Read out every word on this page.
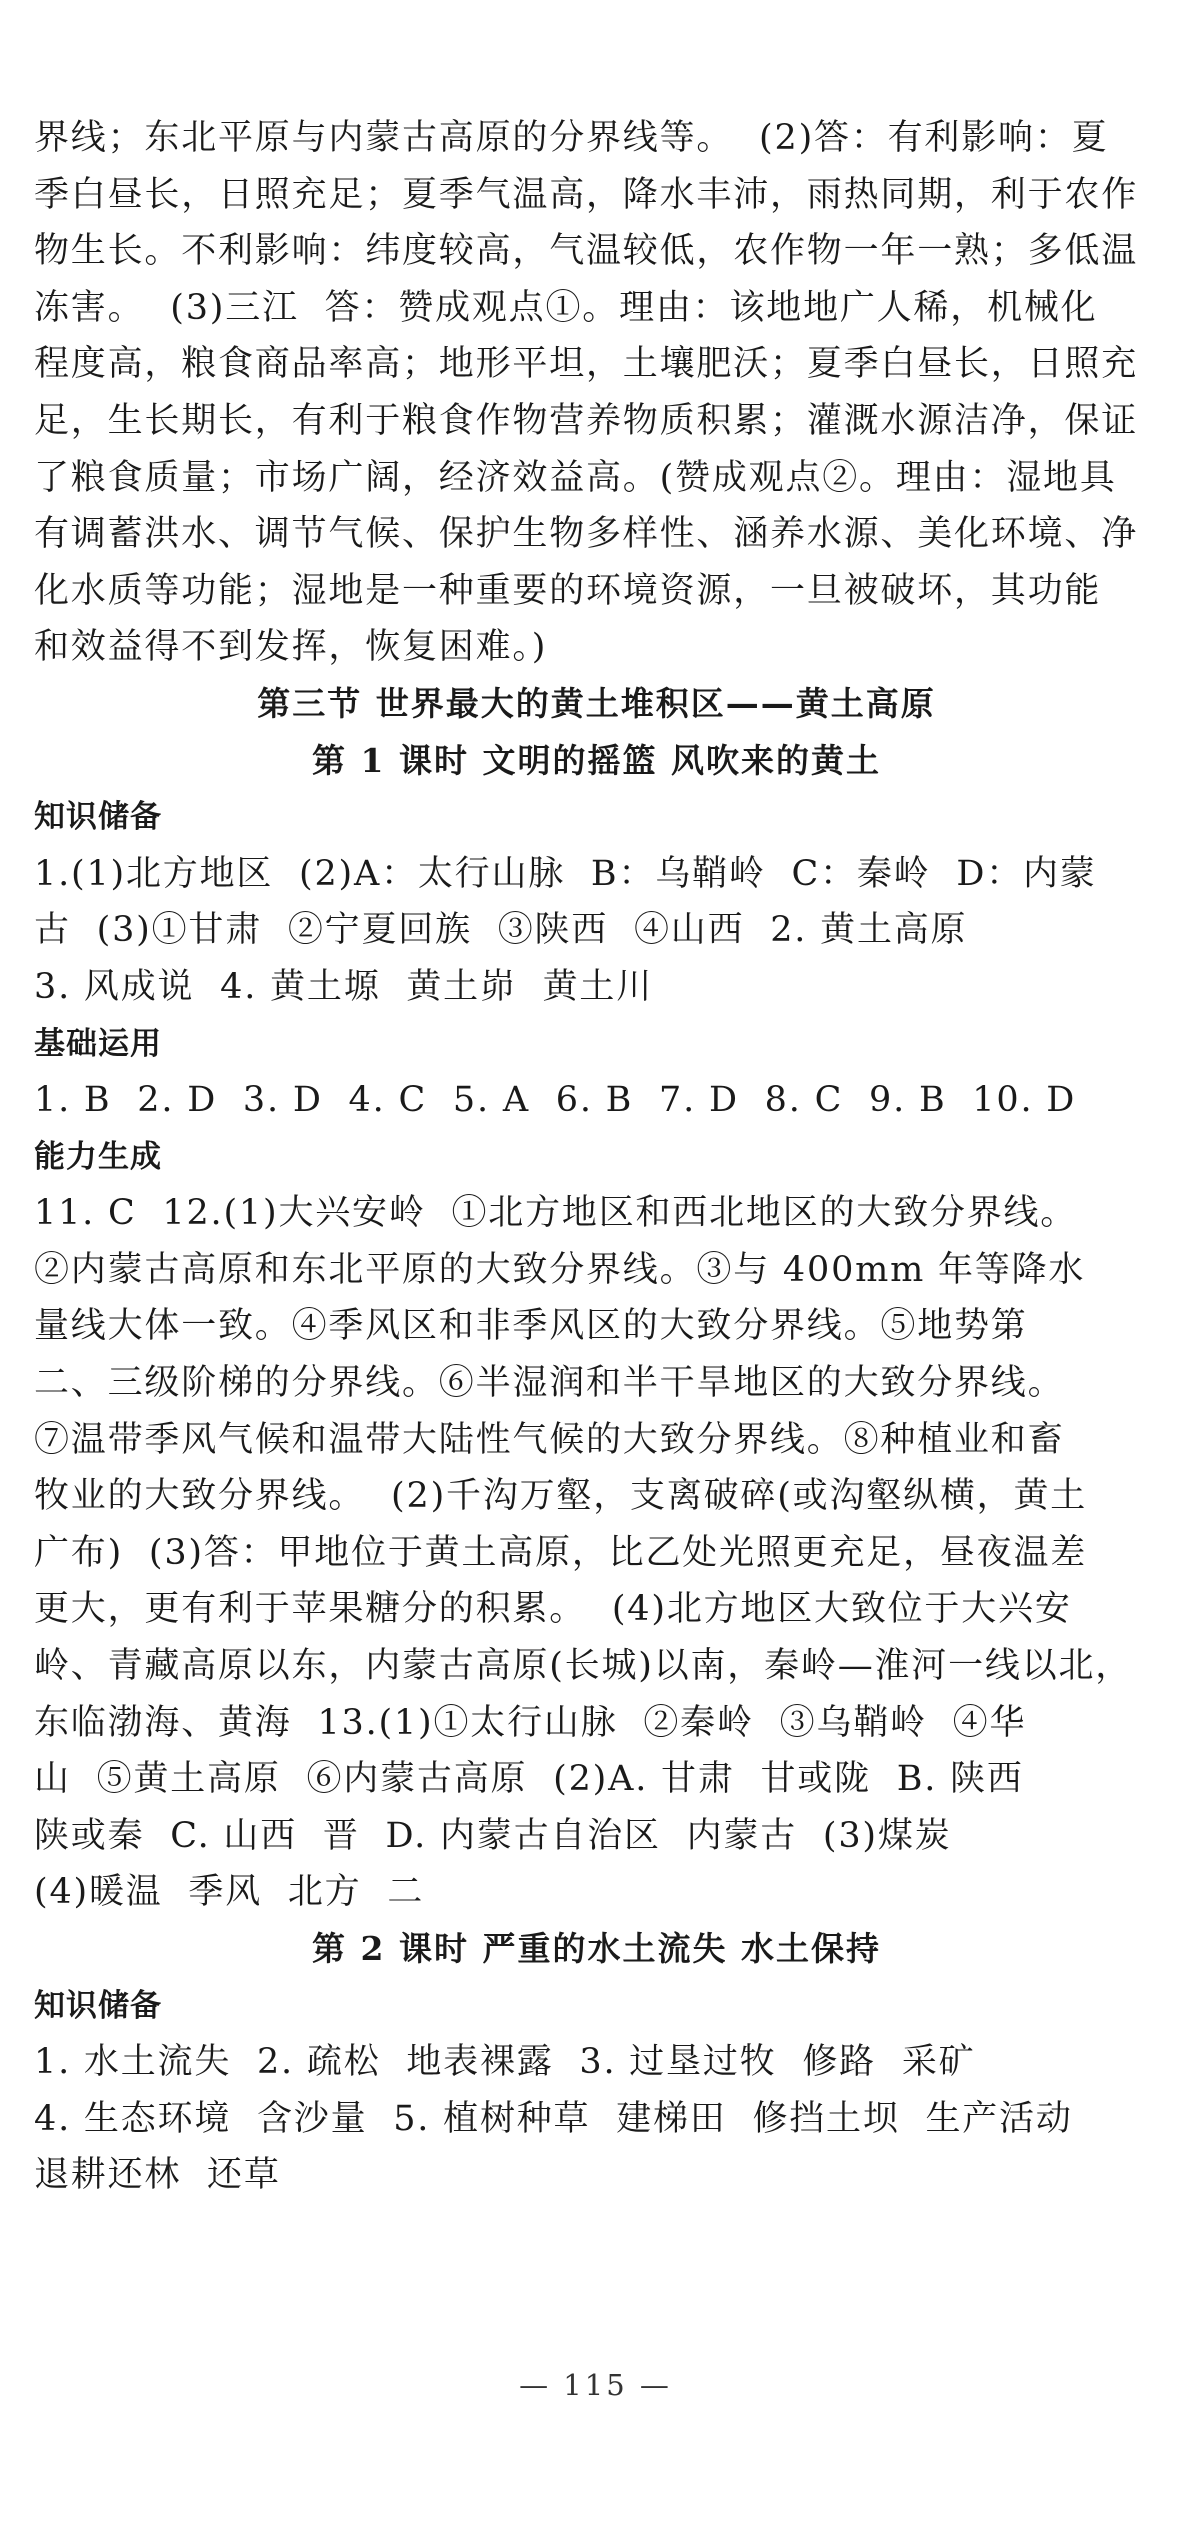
界线；东北平原与内蒙古高原的分界线等。  (2)答：有利影响：夏

季白昼长，日照充足；夏季气温高，降水丰沛，雨热同期，利于农作

物生长。不利影响：纬度较高，气温较低，农作物一年一熟；多低温

冻害。  (3)三江  答：赞成观点①。理由：该地地广人稀，机械化

程度高，粮食商品率高；地形平坦，土壤肥沃；夏季白昼长，日照充

足，生长期长，有利于粮食作物营养物质积累；灌溉水源洁净，保证

了粮食质量；市场广阔，经济效益高。(赞成观点②。理由：湿地具

有调蓄洪水、调节气候、保护生物多样性、涵养水源、美化环境、净

化水质等功能；湿地是一种重要的环境资源，一旦被破坏，其功能

和效益得不到发挥，恢复困难。)

第三节 世界最大的黄土堆积区——黄土高原
第 1 课时 文明的摇篮 风吹来的黄土
知识储备

1.(1)北方地区  (2)A：太行山脉  B：乌鞘岭  C：秦岭  D：内蒙

古  (3)①甘肃  ②宁夏回族  ③陕西  ④山西  2. 黄土高原

3. 风成说  4. 黄土塬  黄土峁  黄土川

基础运用

1. B  2. D  3. D  4. C  5. A  6. B  7. D  8. C  9. B  10. D

能力生成

11. C  12.(1)大兴安岭  ①北方地区和西北地区的大致分界线。

②内蒙古高原和东北平原的大致分界线。③与 400mm 年等降水

量线大体一致。④季风区和非季风区的大致分界线。⑤地势第

二、三级阶梯的分界线。⑥半湿润和半干旱地区的大致分界线。

⑦温带季风气候和温带大陆性气候的大致分界线。⑧种植业和畜

牧业的大致分界线。  (2)千沟万壑，支离破碎(或沟壑纵横，黄土

广布)  (3)答：甲地位于黄土高原，比乙处光照更充足，昼夜温差

更大，更有利于苹果糖分的积累。  (4)北方地区大致位于大兴安

岭、青藏高原以东，内蒙古高原(长城)以南，秦岭—淮河一线以北，

东临渤海、黄海  13.(1)①太行山脉  ②秦岭  ③乌鞘岭  ④华

山  ⑤黄土高原  ⑥内蒙古高原  (2)A. 甘肃  甘或陇  B. 陕西

陕或秦  C. 山西  晋  D. 内蒙古自治区  内蒙古  (3)煤炭

(4)暖温  季风  北方  二

第 2 课时 严重的水土流失 水土保持
知识储备

1. 水土流失  2. 疏松  地表裸露  3. 过垦过牧  修路  采矿

4. 生态环境  含沙量  5. 植树种草  建梯田  修挡土坝  生产活动

退耕还林  还草

— 115 —
